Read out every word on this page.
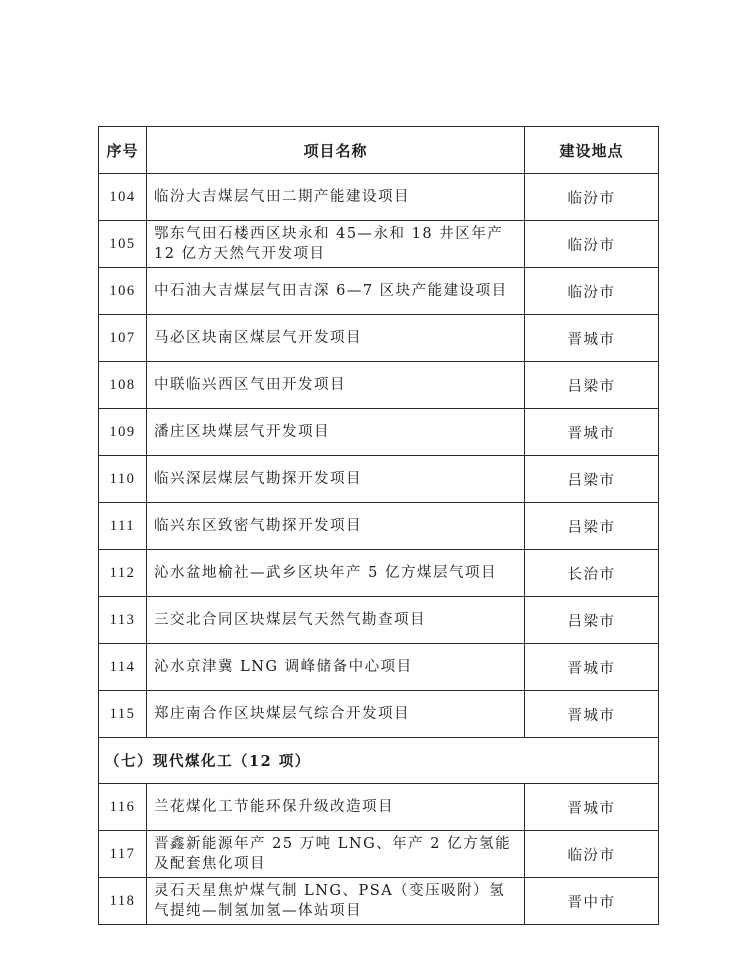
序号	项目名称	建设地点
104	临汾大吉煤层气田二期产能建设项目	临汾市
105	鄂东气田石楼西区块永和 45—永和 18 井区年产 12 亿方天然气开发项目	临汾市
106	中石油大吉煤层气田吉深 6—7 区块产能建设项目	临汾市
107	马必区块南区煤层气开发项目	晋城市
108	中联临兴西区气田开发项目	吕梁市
109	潘庄区块煤层气开发项目	晋城市
110	临兴深层煤层气勘探开发项目	吕梁市
111	临兴东区致密气勘探开发项目	吕梁市
112	沁水盆地榆社—武乡区块年产 5 亿方煤层气项目	长治市
113	三交北合同区块煤层气天然气勘查项目	吕梁市
114	沁水京津冀 LNG 调峰储备中心项目	晋城市
115	郑庄南合作区块煤层气综合开发项目	晋城市
（七）现代煤化工（12 项）		
116	兰花煤化工节能环保升级改造项目	晋城市
117	晋鑫新能源年产 25 万吨 LNG、年产 2 亿方氢能及配套焦化项目	临汾市
118	灵石天星焦炉煤气制 LNG、PSA（变压吸附）氢气提纯—制氢加氢—体站项目	晋中市
